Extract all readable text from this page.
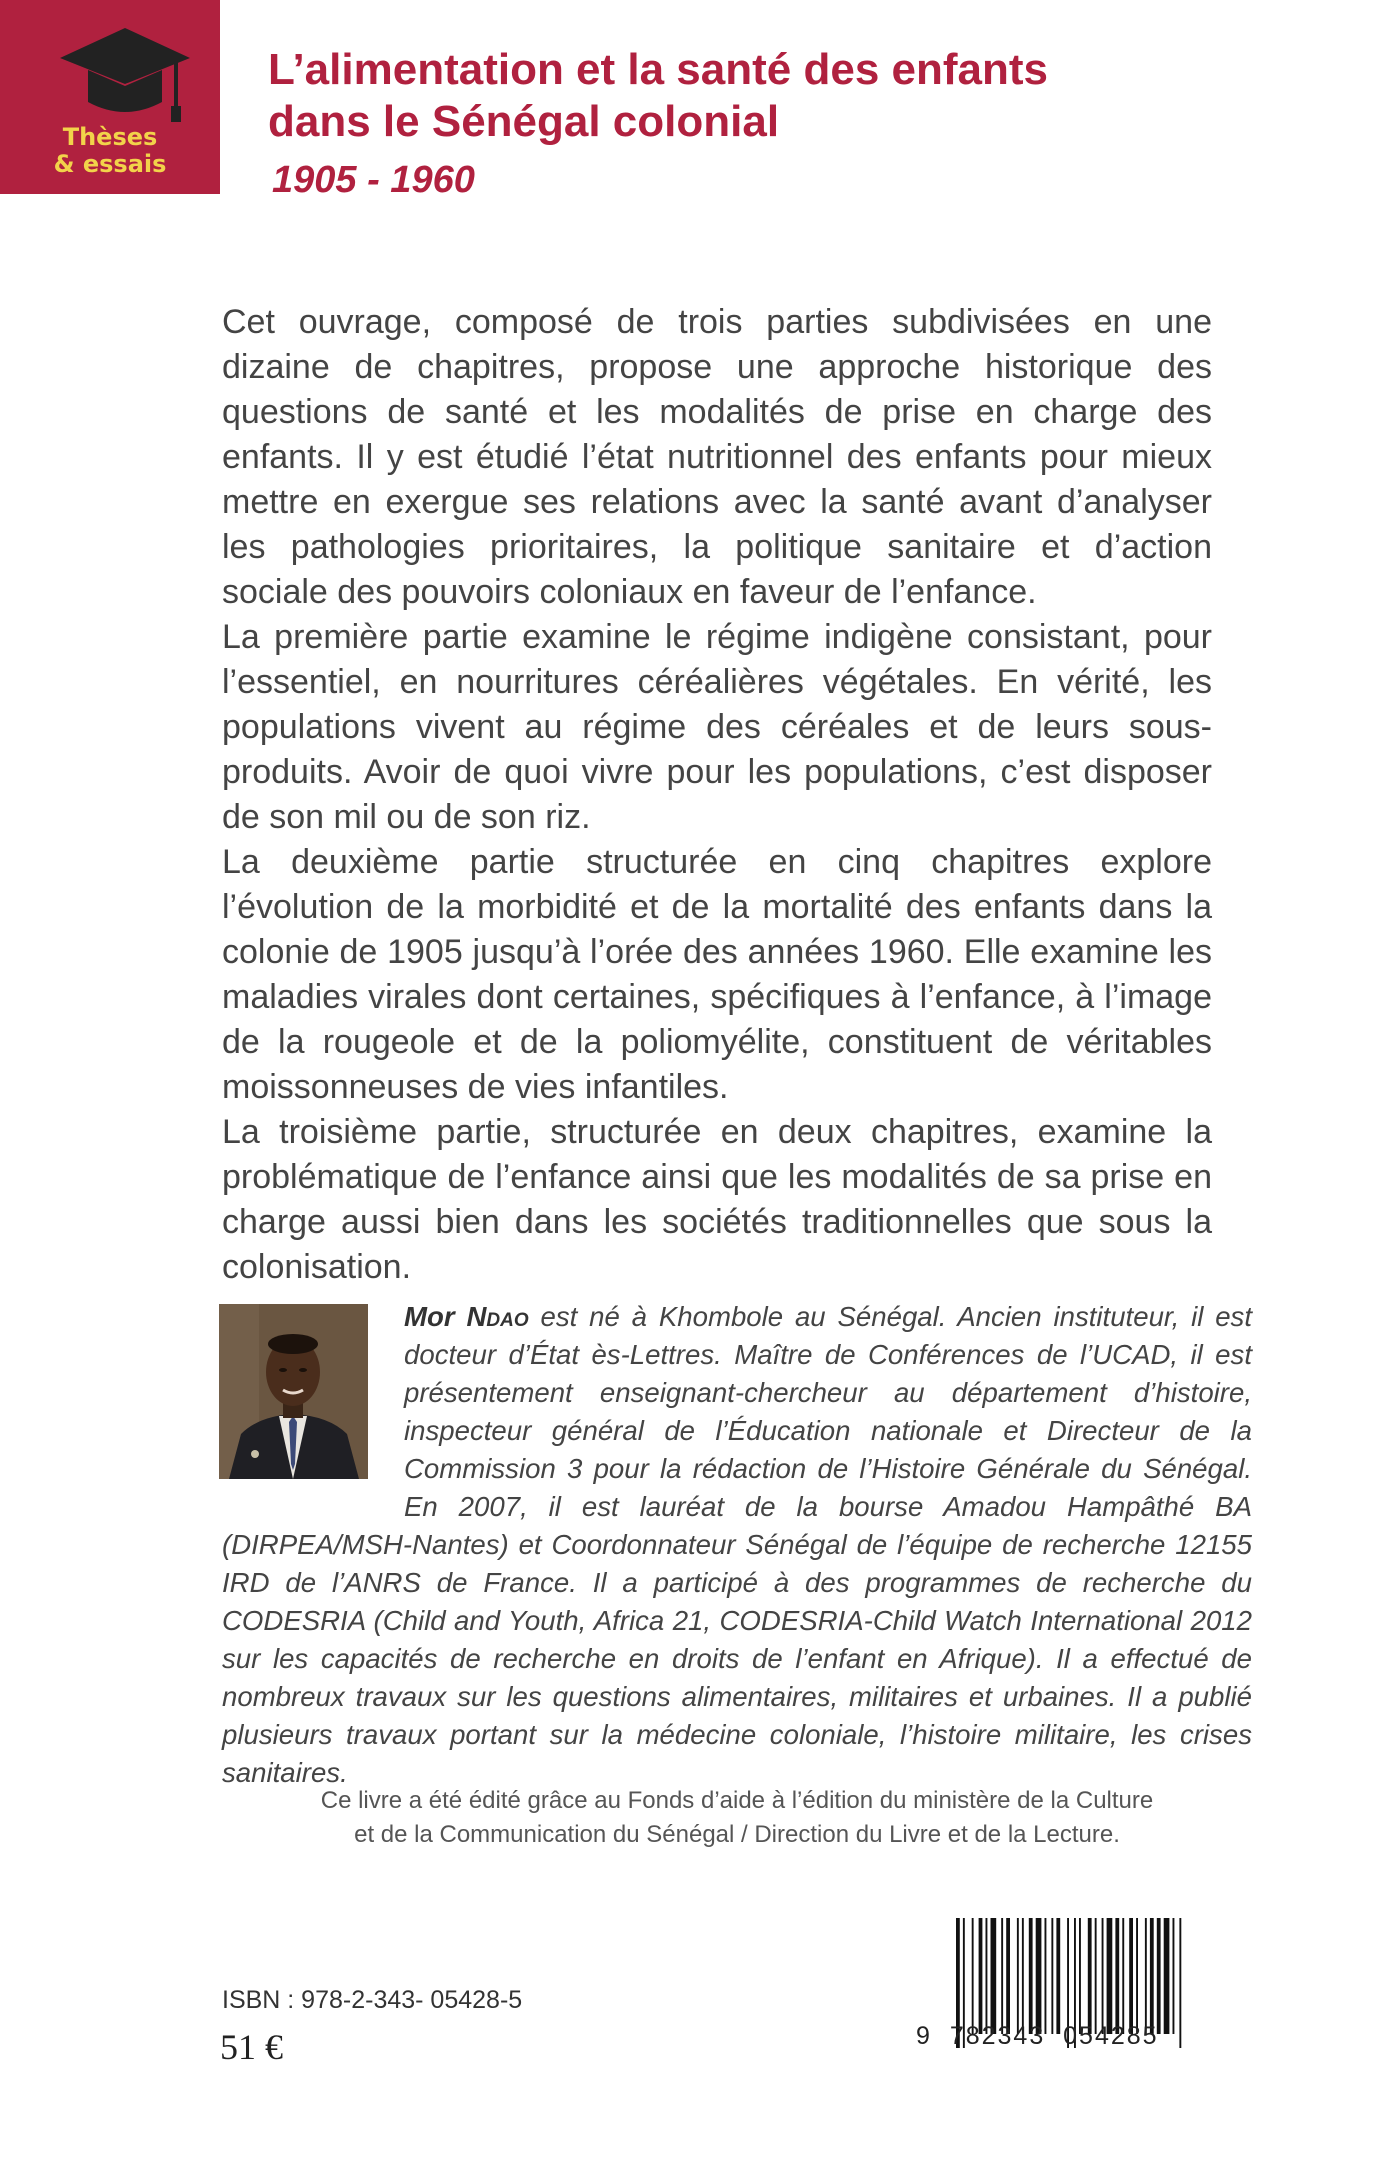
Thèses
& essais
L’alimentation et la santé des enfants
dans le Sénégal colonial
1905 - 1960

Cet ouvrage, composé de trois parties subdivisées en une dizaine de chapitres, propose une approche historique des questions de santé et les modalités de prise en charge des enfants. Il y est étudié l’état nutritionnel des enfants pour mieux mettre en exergue ses relations avec la santé avant d’analyser les pathologies prioritaires, la politique sanitaire et d’action sociale des pouvoirs coloniaux en faveur de l’enfance.

La première partie examine le régime indigène consistant, pour l’essentiel, en nourritures céréalières végétales. En vérité, les populations vivent au régime des céréales et de leurs sous-produits. Avoir de quoi vivre pour les populations, c’est disposer de son mil ou de son riz.

La deuxième partie structurée en cinq chapitres explore l’évolution de la morbidité et de la mortalité des enfants dans la colonie de 1905 jusqu’à l’orée des années 1960. Elle examine les maladies virales dont certaines, spécifiques à l’enfance, à l’image de la rougeole et de la poliomyélite, constituent de véritables moissonneuses de vies infantiles.

La troisième partie, structurée en deux chapitres, examine la problématique de l’enfance ainsi que les modalités de sa prise en charge aussi bien dans les sociétés traditionnelles que sous la colonisation.

Mor Ndao est né à Khombole au Sénégal. Ancien instituteur, il est docteur d’État ès-Lettres. Maître de Conférences de l’UCAD, il est présentement enseignant-chercheur au département d’histoire, inspecteur général de l’Éducation nationale et Directeur de la Commission 3 pour la rédaction de l’Histoire Générale du Sénégal. En 2007, il est lauréat de la bourse Amadou Hampâthé BA (DIRPEA/MSH-Nantes) et Coordonnateur Sénégal de l’équipe de recherche 12155 IRD de l’ANRS de France. Il a participé à des programmes de recherche du CODESRIA (Child and Youth, Africa 21, CODESRIA-Child Watch International 2012 sur les capacités de recherche en droits de l’enfant en Afrique). Il a effectué de nombreux travaux sur les questions alimentaires, militaires et urbaines. Il a publié plusieurs travaux portant sur la médecine coloniale, l’histoire militaire, les crises sanitaires.
Ce livre a été édité grâce au Fonds d’aide à l’édition du ministère de la Culture
et de la Communication du Sénégal / Direction du Livre et de la Lecture.
ISBN : 978-2-343- 05428-5
51 €	9 782343 054285
